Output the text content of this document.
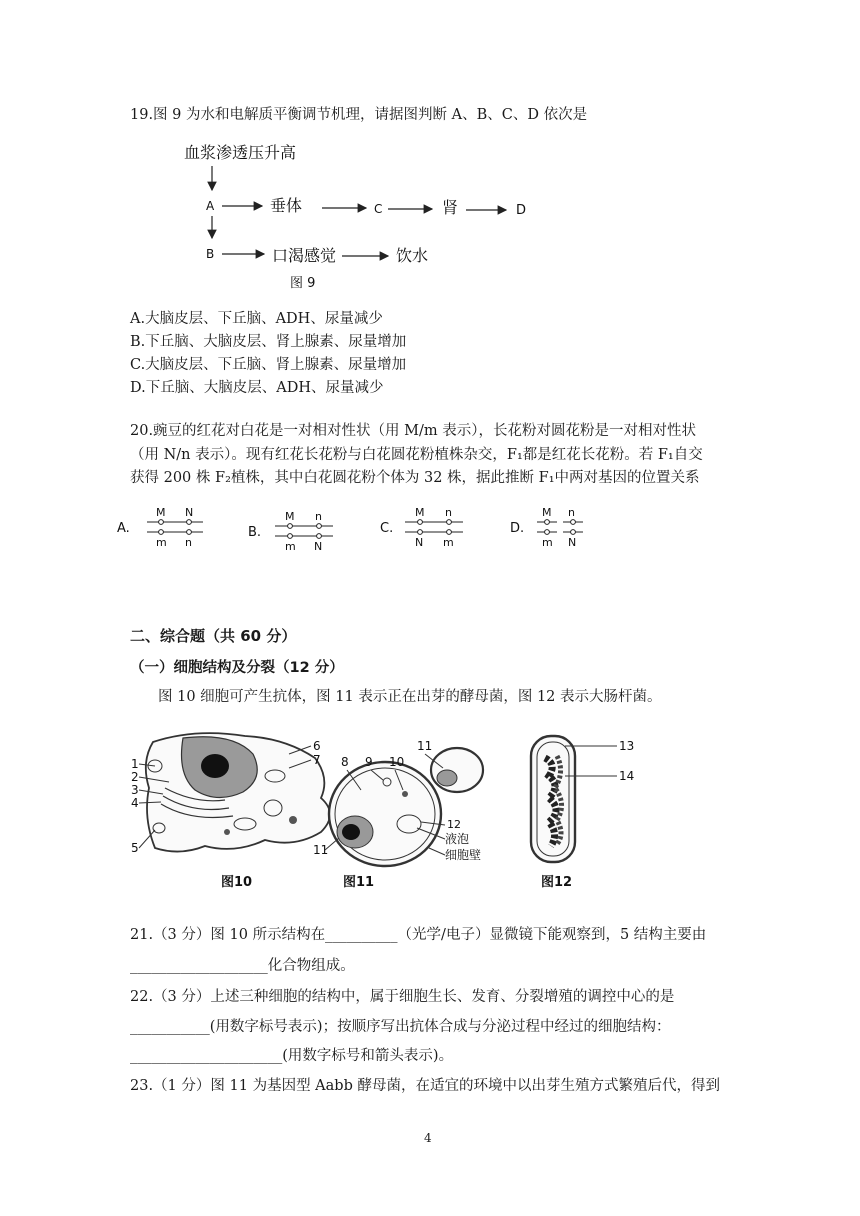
19.图 9 为水和电解质平衡调节机理，请据图判断 A、B、C、D 依次是
血浆渗透压升高
A	垂体	C	肾	D
B	口渴感觉	饮水
图 9
A.大脑皮层、下丘脑、ADH、尿量减少
B.下丘脑、大脑皮层、肾上腺素、尿量增加
C.大脑皮层、下丘脑、肾上腺素、尿量增加
D.下丘脑、大脑皮层、ADH、尿量减少
20.豌豆的红花对白花是一对相对性状（用 M/m 表示），长花粉对圆花粉是一对相对性状
（用 N/n 表示）。现有红花长花粉与白花圆花粉植株杂交，F₁都是红花长花粉。若 F₁自交
获得 200 株 F₂植株，其中白花圆花粉个体为 32 株，据此推断 F₁中两对基因的位置关系
A.
M N
m n
B.
M n
m N
C.
M n
N m
D.
M n
m N
二、综合题（共 60 分）
（一）细胞结构及分裂（12 分）
图 10 细胞可产生抗体，图 11 表示正在出芽的酵母菌，图 12 表示大肠杆菌。
1
2
3
4
5
6
7
图10
8 9 10
11
12
11
液泡
细胞壁
图11
13
14
图12
21.（3 分）图 10 所示结构在__________（光学/电子）显微镜下能观察到，5 结构主要由
___________________化合物组成。
22.（3 分）上述三种细胞的结构中，属于细胞生长、发育、分裂增殖的调控中心的是
___________(用数字标号表示)；按顺序写出抗体合成与分泌过程中经过的细胞结构：
_____________________(用数字标号和箭头表示)。
23.（1 分）图 11 为基因型 Aabb 酵母菌，在适宜的环境中以出芽生殖方式繁殖后代，得到
4
